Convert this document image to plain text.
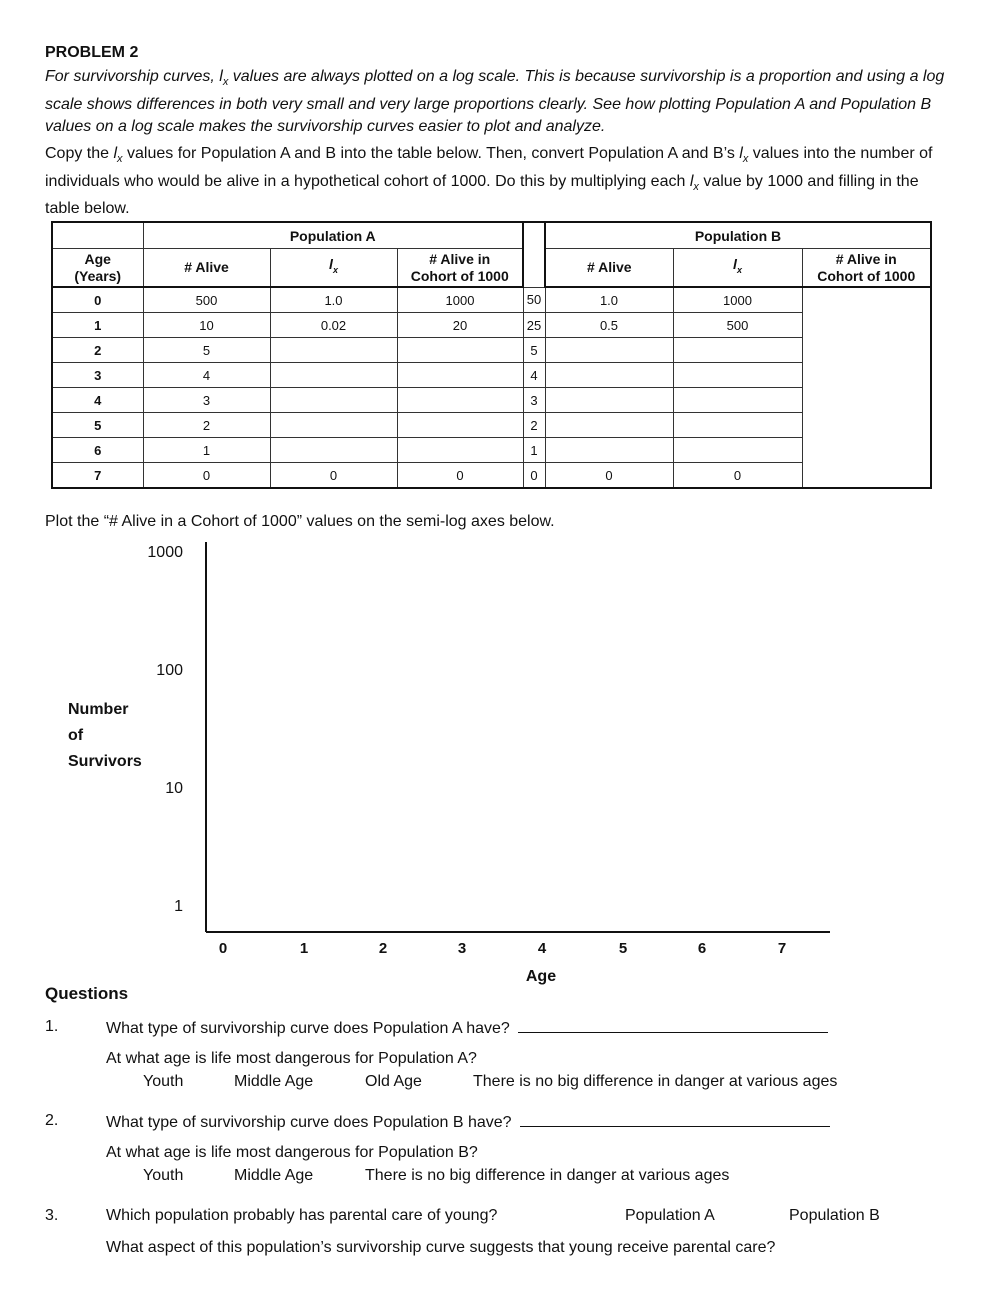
PROBLEM 2
For survivorship curves, $l_x$ values are always plotted on a log scale. This is because survivorship is a proportion and using a log scale shows differences in both very small and very large proportions clearly. See how plotting Population A and Population B values on a log scale makes the survivorship curves easier to plot and analyze.
Copy the $l_x$ values for Population A and B into the table below. Then, convert Population A and B’s $l_x$ values into the number of individuals who would be alive in a hypothetical cohort of 1000. Do this by multiplying each $l_x$ value by 1000 and filling in the table below.
	Population A				Population B		
Age
(Years)	# Alive	$l_x$	# Alive in
Cohort of 1000		# Alive	$l_x$	# Alive in
Cohort of 1000
0	500	1.0	1000	50	1.0	1000	
1	10	0.02	20	25	0.5	500	
2	5			5			
3	4			4			
4	3			3			
5	2			2			
6	1			1			
7	0	0	0	0	0	0	
Plot the “# Alive in a Cohort of 1000” values on the semi-log axes below.
1000
100
10
1
Number
of
Survivors
0	1	2	3	4	5	6	7
Age
Questions
1.	What type of survivorship curve does Population A have?
At what age is life most dangerous for Population A?
Youth	Middle Age	Old Age	There is no big difference in danger at various ages
2.	What type of survivorship curve does Population B have?
At what age is life most dangerous for Population B?
Youth	Middle Age	There is no big difference in danger at various ages
3.	Which population probably has parental care of young?	Population A	Population B
What aspect of this population’s survivorship curve suggests that young receive parental care?
